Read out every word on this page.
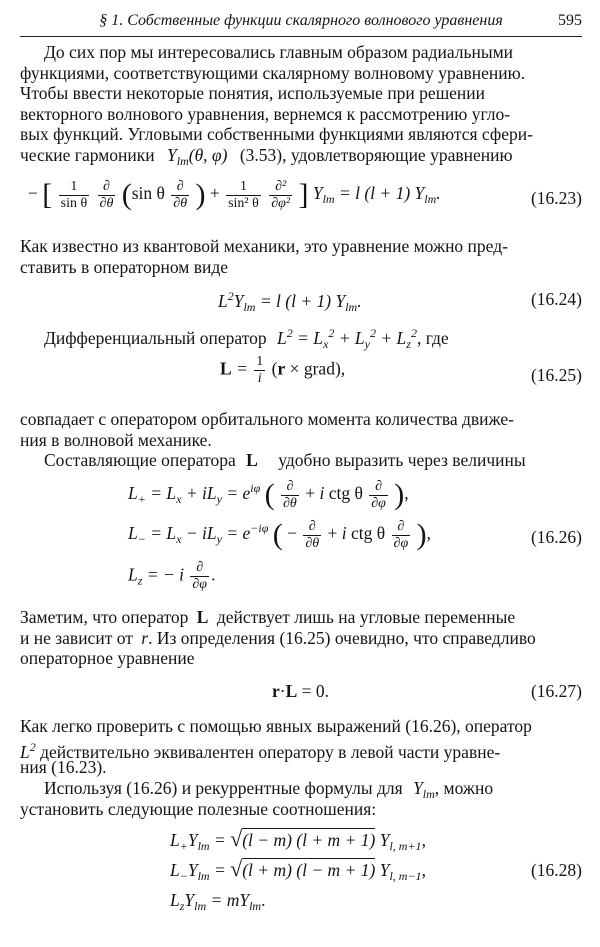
§ 1. Собственные функции скалярного волнового уравнения	595
До сих пор мы интересовались главным образом радиальными
функциями, соответствующими скалярному волновому уравнению.
Чтобы ввести некоторые понятия, используемые при решении
векторного волнового уравнения, вернемся к рассмотрению угло-
вых функций. Угловыми собственными функциями являются сфери-
ческие гармоники $Y_{lm}(\theta$, φ) (3.53), удовлетворяющие уравнению
− [ $\frac{1}{\text{sin θ}}$
$\frac{\partial}{\partial\theta} (\sin$ θ $\frac{\partial}{\partial\theta}$ ) + $\frac{1}{\text{sin² θ}}$
$\frac{\text{∂²}}{\text{∂φ²}}$ ] $Y_{lm} = l$ (l + 1) $Y_{lm}$.	(16.23)
Как известно из квантовой механики, это уравнение можно пред-
ставить в операторном виде
$L^2Y_{lm} = l$ (l + 1) $Y_{lm}$.	(16.24)
Дифференциальный оператор $L^2 = L_x^2 + L_y^2 + L_z^2$, где
$L = \frac{1}{i} (r$ × grad),	(16.25)
совпадает с оператором орбитального момента количества движе-
ния в волновой механике.
Составляющие оператора L удобно выразить через величины
$L_+ = L_x + iL_y = e^{i\varphi}$ ( $\frac{\partial}{\partial\theta} + i$ ctg θ $\frac{\partial}{\partial\varphi}$ ),
$L_- = L_x - iL_y = e^{-i\varphi}$ ( − $\frac{\partial}{\partial\theta} + i$ ctg θ $\frac{\partial}{\partial\varphi}$ ),
$L_z$ = − i $\frac{\partial}{\partial\varphi}$ .
(16.26)
Заметим, что оператор L действует лишь на угловые переменные
и не зависит от r. Из определения (16.25) очевидно, что справедливо
операторное уравнение
r·L = 0.	(16.27)
Как легко проверить с помощью явных выражений (16.26), оператор
$L^2$ действительно эквивалентен оператору в левой части уравне-
ния (16.23).
Используя (16.26) и рекуррентные формулы для $Y_{lm}$, можно
установить следующие полезные соотношения:
$L_+Y_{lm} = √(l - m) (l + m + 1)$ $Y_{l, m+1}$,
$L_-Y_{lm} = √(l + m) (l - m + 1)$ $Y_{l, m-1}$,
$L_zY_{lm} = mY_{lm}$.
(16.28)
